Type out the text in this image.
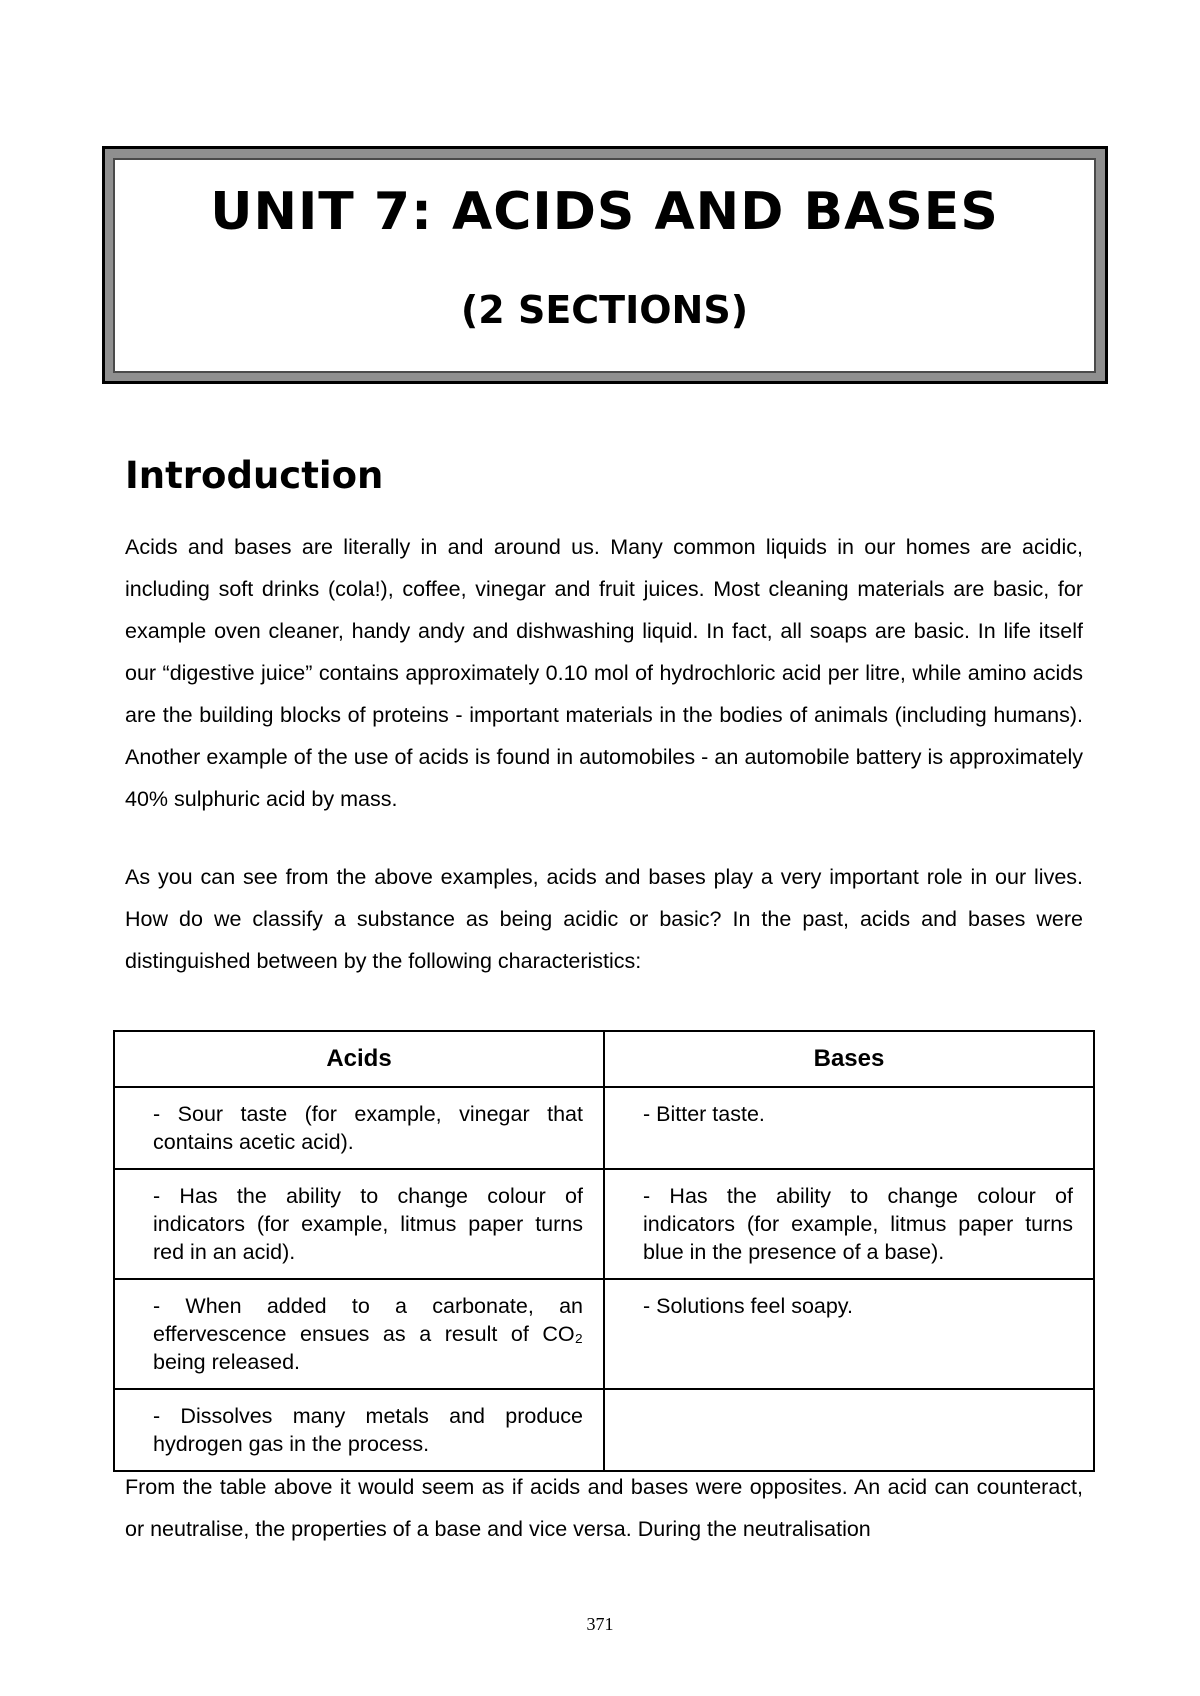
UNIT 7: ACIDS AND BASES
(2 SECTIONS)
Introduction

Acids and bases are literally in and around us. Many common liquids in our homes are acidic, including soft drinks (cola!), coffee, vinegar and fruit juices. Most cleaning materials are basic, for example oven cleaner, handy andy and dishwashing liquid. In fact, all soaps are basic. In life itself our “digestive juice” contains approximately 0.10 mol of hydrochloric acid per litre, while amino acids are the building blocks of proteins - important materials in the bodies of animals (including humans). Another example of the use of acids is found in automobiles - an automobile battery is approximately 40% sulphuric acid by mass.

As you can see from the above examples, acids and bases play a very important role in our lives. How do we classify a substance as being acidic or basic? In the past, acids and bases were distinguished between by the following characteristics:

Acids	Bases

- Sour taste (for example, vinegar that contains acetic acid).	- Bitter taste.

- Has the ability to change colour of indicators (for example, litmus paper turns red in an acid).	- Has the ability to change colour of indicators (for example, litmus paper turns blue in the presence of a base).

- When added to a carbonate, an effervescence ensues as a result of CO₂ being released.	- Solutions feel soapy.

- Dissolves many metals and produce hydrogen gas in the process.	

From the table above it would seem as if acids and bases were opposites. An acid can counteract, or neutralise, the properties of a base and vice versa. During the neutralisation

371
